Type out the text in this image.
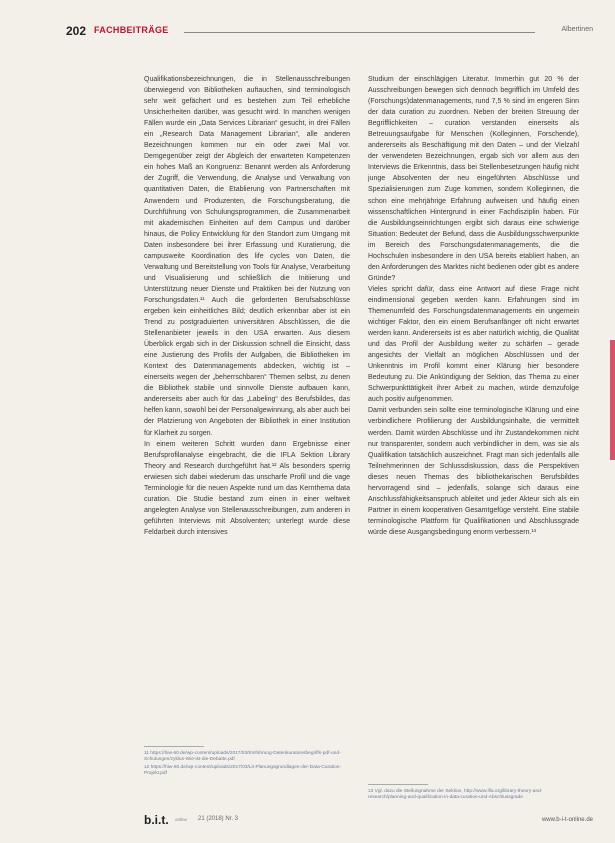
202 FACHBEITRÄGE	Albertinen

Qualifikationsbezeichnungen, die in Stellenausschreibungen überwiegend von Bibliotheken auftauchen, sind terminologisch sehr weit gefächert und es bestehen zum Teil erhebliche Unsicherheiten darüber, was gesucht wird. In manchen wenigen Fällen wurde ein „Data Services Librarian“ gesucht, in drei Fällen ein „Research Data Management Librarian“, alle anderen Bezeichnungen kommen nur ein oder zwei Mal vor. Demgegenüber zeigt der Abgleich der erwarteten Kompetenzen ein hohes Maß an Kongruenz: Benannt werden als Anforderung der Zugriff, die Verwendung, die Analyse und Verwaltung von quantitativen Daten, die Etablierung von Partnerschaften mit Anwendern und Produzenten, die Forschungsberatung, die Durchführung von Schulungsprogrammen, die Zusammenarbeit mit akademischen Einheiten auf dem Campus und darüber hinaus, die Policy Entwicklung für den Standort zum Umgang mit Daten insbesondere bei ihrer Erfassung und Kuratierung, die campusweite Koordination des life cycles von Daten, die Verwaltung und Bereitstellung von Tools für Analyse, Verarbeitung und Visualisierung und schließlich die Initiierung und Unterstützung neuer Dienste und Praktiken bei der Nutzung von Forschungsdaten.¹¹ Auch die geforderten Berufsabschlüsse ergeben kein einheitliches Bild; deutlich erkennbar aber ist ein Trend zu postgraduierten universitären Abschlüssen, die die Stellenanbieter jeweils in den USA erwarten. Aus diesem Überblick ergab sich in der Diskussion schnell die Einsicht, dass eine Justierung des Profils der Aufgaben, die Bibliotheken im Kontext des Datenmanagements abdecken, wichtig ist – einerseits wegen der „beherrschbaren“ Themen selbst, zu denen die Bibliothek stabile und sinnvolle Dienste aufbauen kann, andererseits aber auch für das „Labeling“ des Berufsbildes, das helfen kann, sowohl bei der Personalgewinnung, als aber auch bei der Platzierung von Angeboten der Bibliothek in einer Institution für Klarheit zu sorgen.

In einem weiteren Schritt wurden dann Ergebnisse einer Berufsprofilanalyse eingebracht, die die IFLA Sektion Library Theory and Research durchgeführt hat.¹² Als besonders sperrig erwiesen sich dabei wiederum das unscharfe Profil und die vage Terminologie für die neuen Aspekte rund um das Kernthema data curation. Die Studie bestand zum einen in einer weltweit angelegten Analyse von Stellenausschreibungen, zum anderen in geführten Interviews mit Absolventen; unterlegt wurde diese Feldarbeit durch intensives

Studium der einschlägigen Literatur. Immerhin gut 20 % der Ausschreibungen bewegen sich dennoch begrifflich im Umfeld des (Forschungs)datenmanagements, rund 7,5 % sind im engeren Sinn der data curation zu zuordnen. Neben der breiten Streuung der Begrifflichkeiten – curation verstanden einerseits als Betreuungsaufgabe für Menschen (Kolleginnen, Forschende), andererseits als Beschäftigung mit den Daten – und der Vielzahl der verwendeten Bezeichnungen, ergab sich vor allem aus den Interviews die Erkenntnis, dass bei Stellenbesetzungen häufig nicht junge Absolventen der neu eingeführten Abschlüsse und Spezialisierungen zum Zuge kommen, sondern Kolleginnen, die schon eine mehrjährige Erfahrung aufweisen und häufig einen wissenschaftlichen Hintergrund in einer Fachdisziplin haben. Für die Ausbildungseinrichtungen ergibt sich daraus eine schwierige Situation: Bedeutet der Befund, dass die Ausbildungsschwerpunkte im Bereich des Forschungsdatenmanagements, die die Hochschulen insbesondere in den USA bereits etabliert haben, an den Anforderungen des Marktes nicht bedienen oder gibt es andere Gründe?

Vieles spricht dafür, dass eine Antwort auf diese Frage nicht eindimensional gegeben werden kann. Erfahrungen sind im Themenumfeld des Forschungsdatenmanagements ein ungemein wichtiger Faktor, den ein einem Berufsanfänger oft nicht erwartet werden kann. Andererseits ist es aber natürlich wichtig, die Qualität und das Profil der Ausbildung weiter zu schärfen – gerade angesichts der Vielfalt an möglichen Abschlüssen und der Unkenntnis im Profil kommt einer Klärung hier besondere Bedeutung zu. Die Ankündigung der Sektion, das Thema zu einer Schwerpunkttätigkeit ihrer Arbeit zu machen, würde demzufolge auch positiv aufgenommen.

Damit verbunden sein sollte eine terminologische Klärung und eine verbindlichere Profilierung der Ausbildungsinhalte, die vermittelt werden. Damit würden Abschlüsse und ihr Zustandekommen nicht nur transparenter, sondern auch verbindlicher in dem, was sie als Qualifikation tatsächlich auszeichnet. Fragt man sich jedenfalls alle Teilnehmerinnen der Schlussdiskussion, dass die Perspektiven dieses neuen Themas des bibliothekarischen Berufsbildes hervorragend sind – jedenfalls, solange sich daraus eine Anschlussfähigkeitsanspruch ableitet und jeder Akteur sich als ein Partner in einem kooperativen Gesamtgefüge versteht. Eine stabile terminologische Plattform für Qualifikationen und Abschlussgrade würde diese Ausgangsbedingung enorm verbessern.¹³

11 https://hiw-60.de/wp-content/uploads/2017/03/Einführung-Datenkurationsbegriffs-pdf-und-Schulungen/zyklus-Wie-ist-die-Debatte.pdf

12 https://hiw-60.de/wp-content/uploads/2017/03/Lit-Planungsgrundlagen-der-Data-Curation-Projekt.pdf

13 Vgl. dazu die Stellungnahme der Sektion, http://www.ifla.org/library-theory-and-research/planning-and-qualification-in-data-curation-und-Abschlussgrade

b.i.t. online 21 (2018) Nr. 3	www.b-i-t-online.de
